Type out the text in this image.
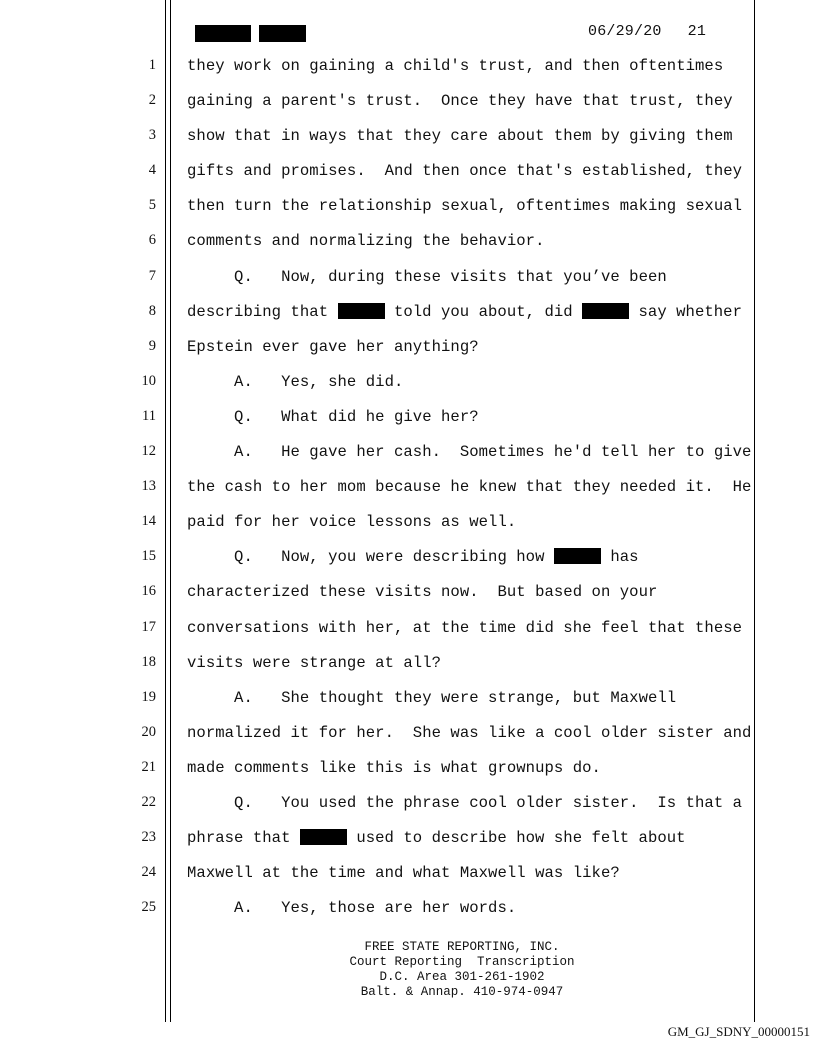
06/29/20 21
1 they work on gaining a child's trust, and then oftentimes
2 gaining a parent's trust.  Once they have that trust, they
3 show that in ways that they care about them by giving them
4 gifts and promises.  And then once that's established, they
5 then turn the relationship sexual, oftentimes making sexual
6 comments and normalizing the behavior.
7 Q.   Now, during these visits that you’ve been
8 describing that	told you about, did	say whether
9 Epstein ever gave her anything?
10 A.   Yes, she did.
11 Q.   What did he give her?
12 A.   He gave her cash.  Sometimes he'd tell her to give
13 the cash to her mom because he knew that they needed it.  He
14 paid for her voice lessons as well.
15 Q.   Now, you were describing how	has
16 characterized these visits now.  But based on your
17 conversations with her, at the time did she feel that these
18 visits were strange at all?
19 A.   She thought they were strange, but Maxwell
20 normalized it for her.  She was like a cool older sister and
21 made comments like this is what grownups do.
22 Q.   You used the phrase cool older sister.  Is that a
23 phrase that	used to describe how she felt about
24 Maxwell at the time and what Maxwell was like?
25 A.   Yes, those are her words.
FREE STATE REPORTING, INC.
Court Reporting  Transcription
D.C. Area 301-261-1902
Balt. & Annap. 410-974-0947
GM_GJ_SDNY_00000151
